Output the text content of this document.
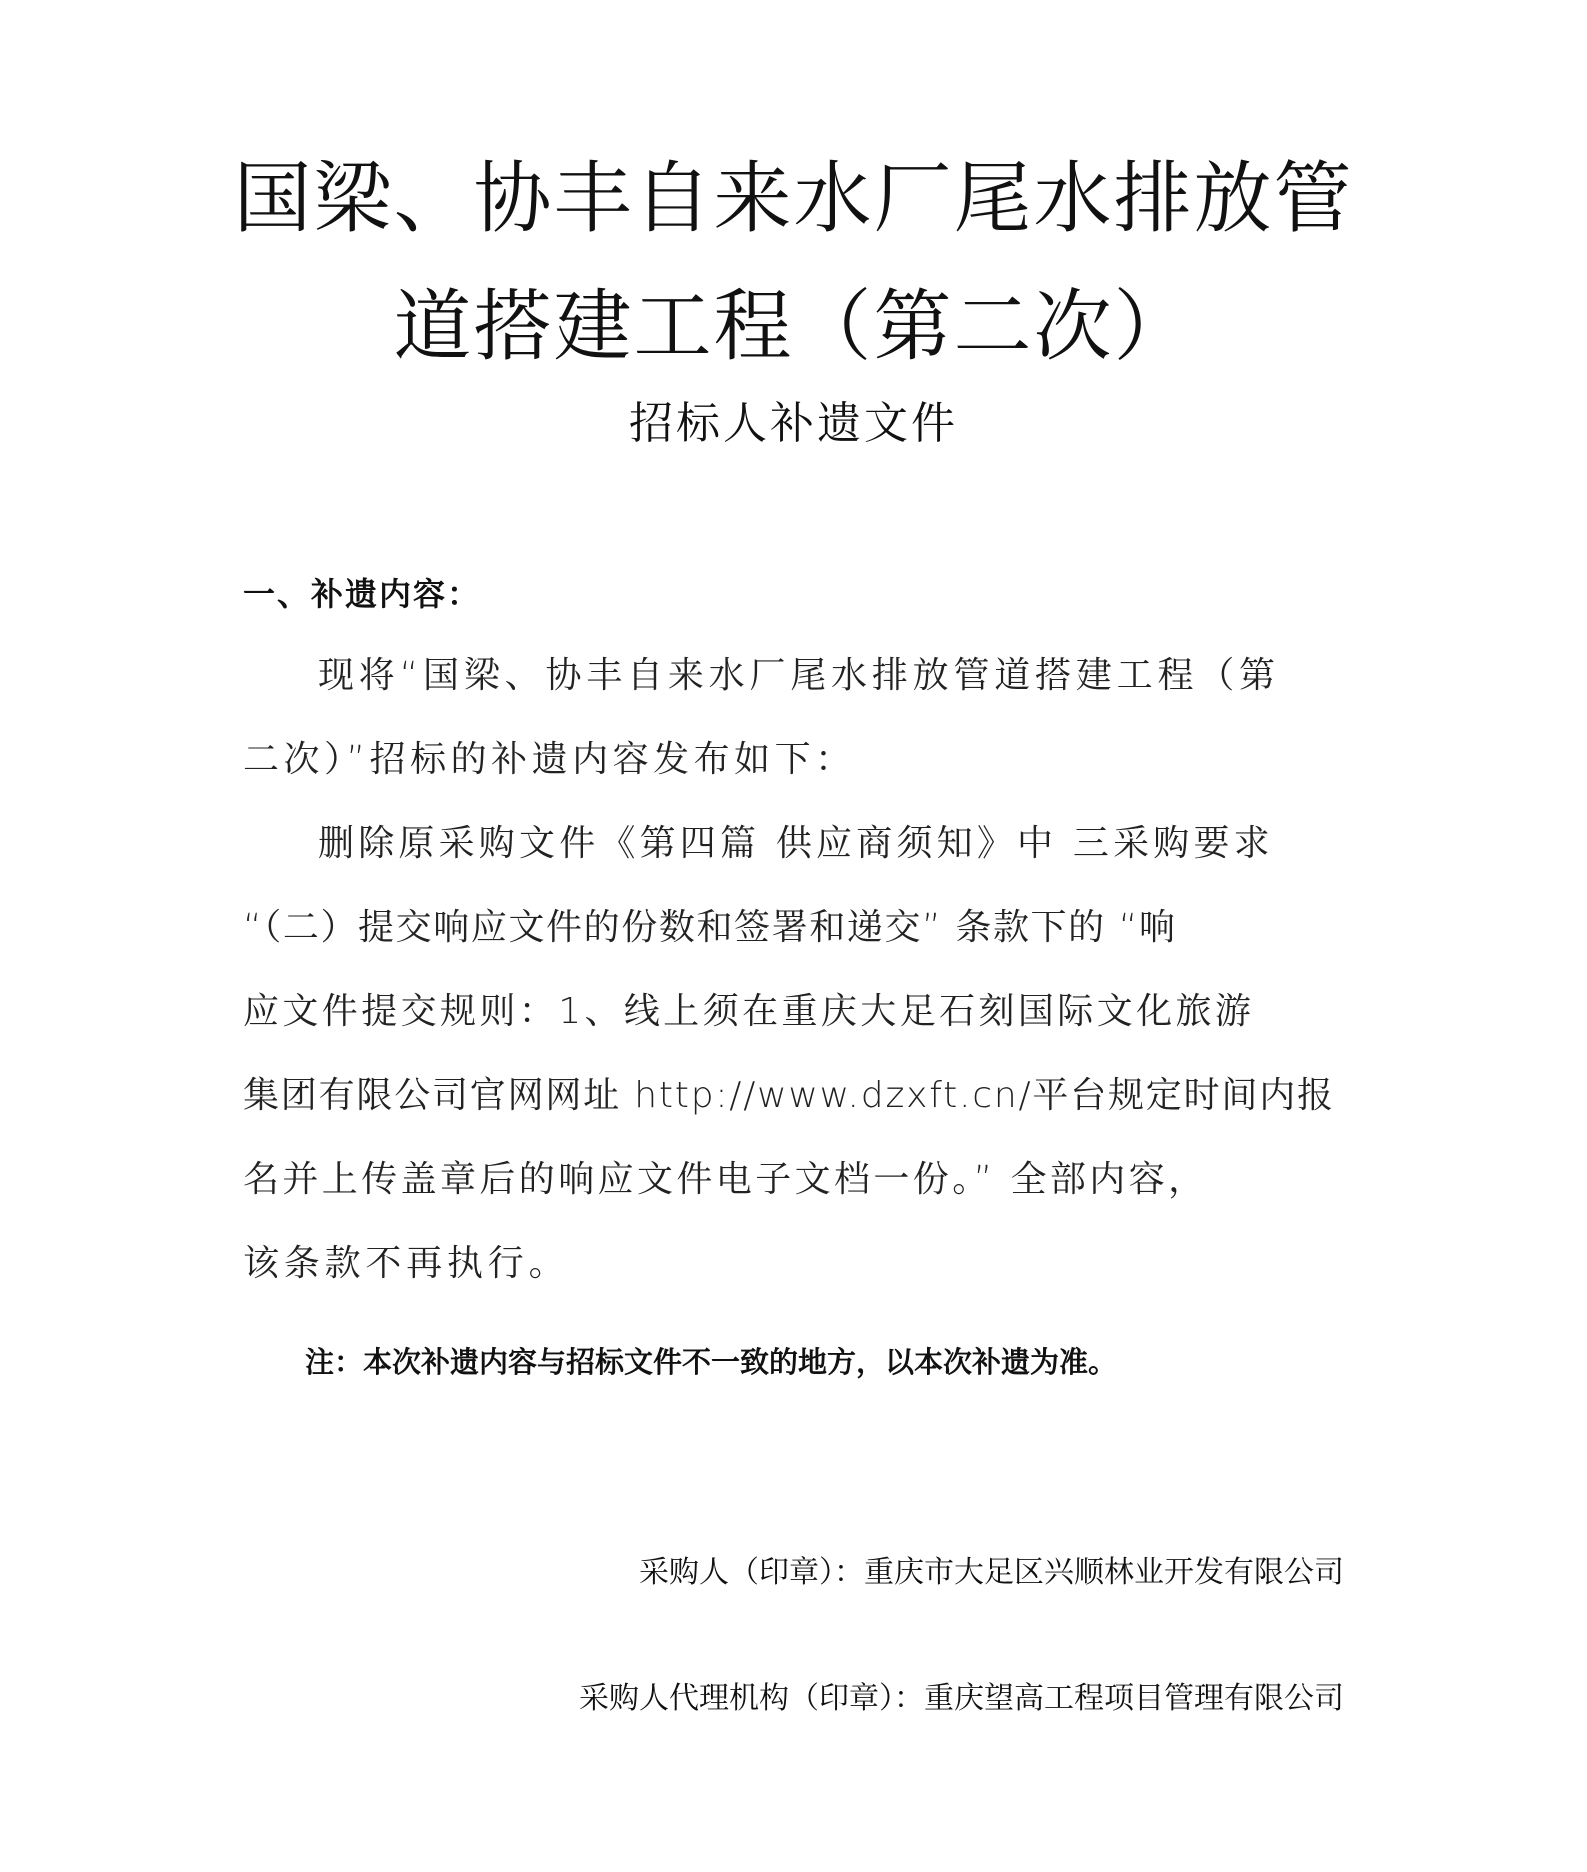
国梁、协丰自来水厂尾水排放管
道搭建工程（第二次）
招标人补遗文件
一、补遗内容：

现将“国梁、协丰自来水厂尾水排放管道搭建工程（第

二次）”招标的补遗内容发布如下：

删除原采购文件《第四篇 供应商须知》中 三采购要求

“（二）提交响应文件的份数和签署和递交” 条款下的 “响

应文件提交规则：1、线上须在重庆大足石刻国际文化旅游

集团有限公司官网网址 http://www.dzxft.cn/平台规定时间内报

名并上传盖章后的响应文件电子文档一份。” 全部内容，

该条款不再执行。

注：本次补遗内容与招标文件不一致的地方，以本次补遗为准。

采购人（印章）：重庆市大足区兴顺林业开发有限公司

采购人代理机构（印章）：重庆望高工程项目管理有限公司
